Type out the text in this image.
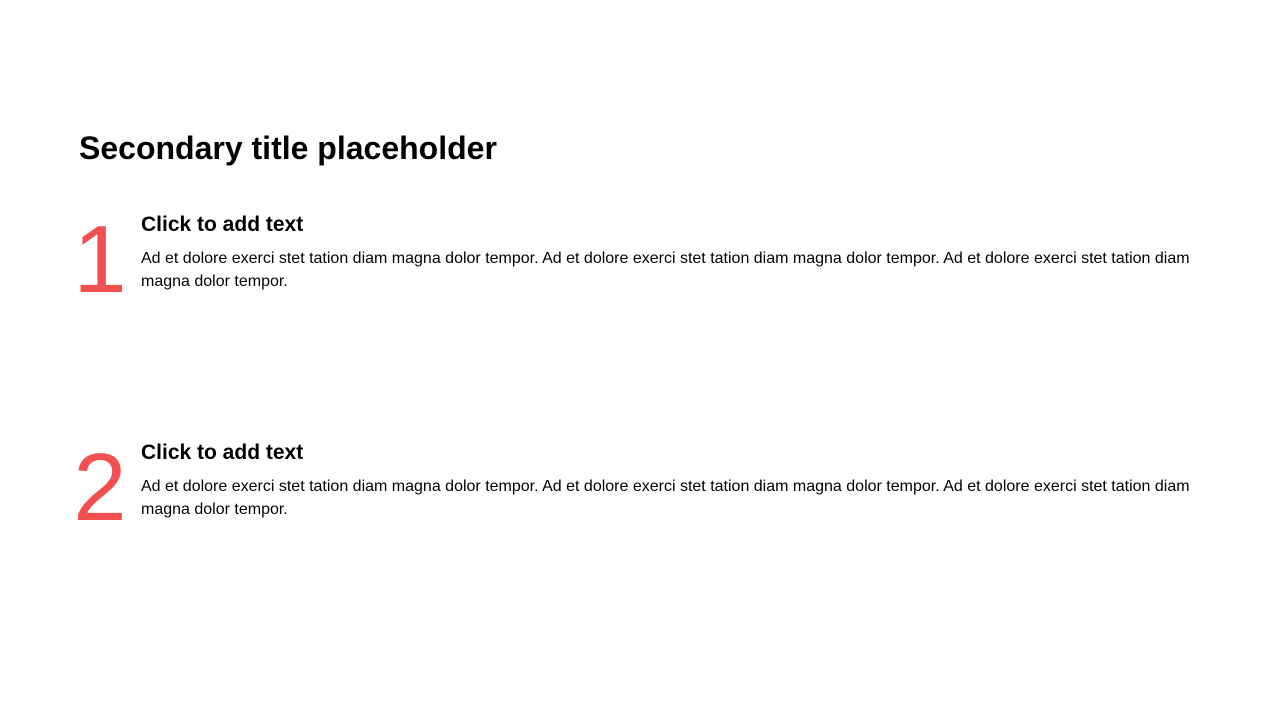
Secondary title placeholder
1 Click to add text

Ad et dolore exerci stet tation diam magna dolor tempor. Ad et dolore exerci stet tation diam magna dolor tempor. Ad et dolore exerci stet tation diam magna dolor tempor.

2 Click to add text

Ad et dolore exerci stet tation diam magna dolor tempor. Ad et dolore exerci stet tation diam magna dolor tempor. Ad et dolore exerci stet tation diam magna dolor tempor.
